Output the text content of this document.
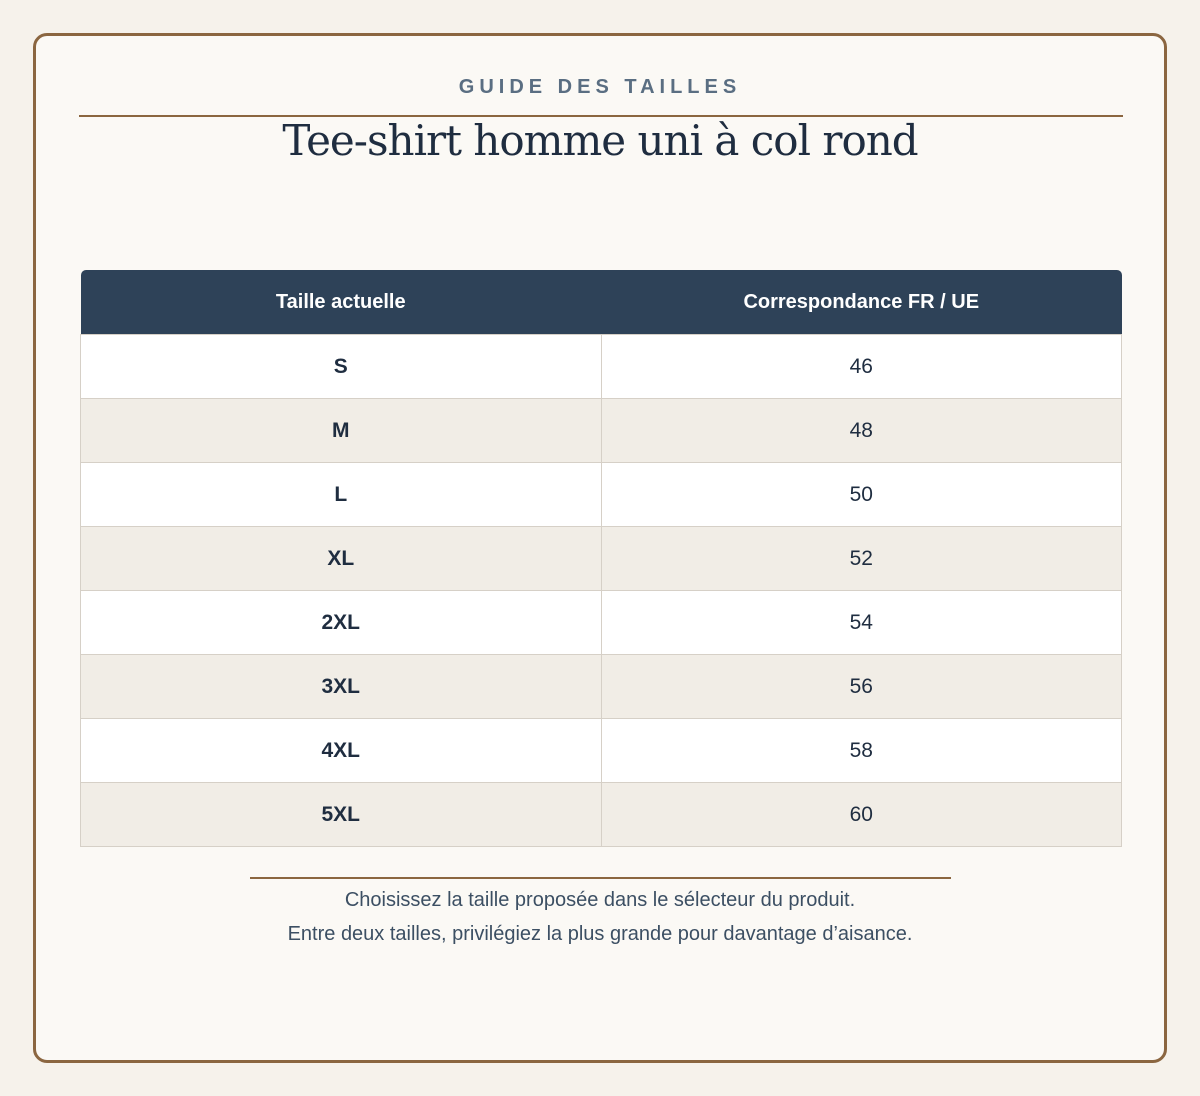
GUIDE DES TAILLES
Tee-shirt homme uni à col rond
Taille actuelle	Correspondance FR / UE
S	46
M	48
L	50
XL	52
2XL	54
3XL	56
4XL	58
5XL	60
Choisissez la taille proposée dans le sélecteur du produit.
Entre deux tailles, privilégiez la plus grande pour davantage d’aisance.
